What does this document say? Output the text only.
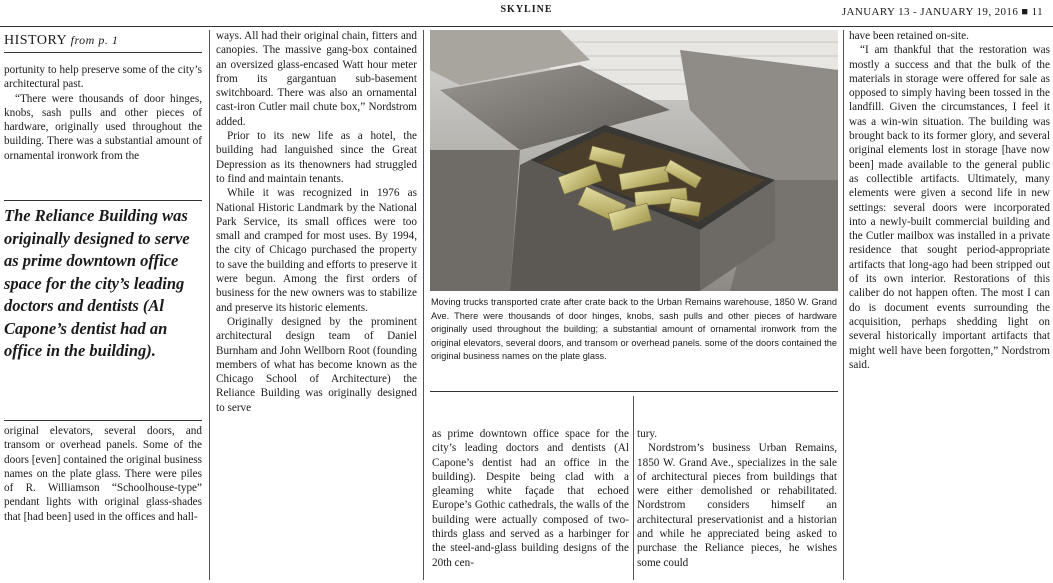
SKYLINE	JANUARY 13 - JANUARY 19, 2016 ■ 11
HISTORY from p. 1

portunity to help preserve some of the city’s architectural past.

“There were thousands of door hinges, knobs, sash pulls and other pieces of hardware, originally used throughout the building. There was a substantial amount of ornamental ironwork from the

The Reliance Building was originally designed to serve as prime downtown office space for the city’s leading doctors and dentists (Al Capone’s dentist had an office in the building).

original elevators, several doors, and transom or overhead panels. Some of the doors [even] contained the original business names on the plate glass. There were piles of R. Williamson “Schoolhouse-type” pendant lights with original glass-shades that [had been] used in the offices and hall-

ways. All had their original chain, fitters and canopies. The massive gang-box contained an oversized glass-encased Watt hour meter from its gargantuan sub-basement switchboard. There was also an ornamental cast-iron Cutler mail chute box,” Nordstrom added.

Prior to its new life as a hotel, the building had languished since the Great Depression as its thenowners had struggled to find and maintain tenants.

While it was recognized in 1976 as National Historic Landmark by the National Park Service, its small offices were too small and cramped for most uses. By 1994, the city of Chicago purchased the property to save the building and efforts to preserve it were begun. Among the first orders of business for the new owners was to stabilize and preserve its historic elements.

Originally designed by the prominent architectural design team of Daniel Burnham and John Wellborn Root (founding members of what has become known as the Chicago School of Architecture) the Reliance Building was originally designed to serve

Moving trucks transported crate after crate back to the Urban Remains warehouse, 1850 W. Grand Ave. There were thousands of door hinges, knobs, sash pulls and other pieces of hardware originally used throughout the building; a substantial amount of ornamental ironwork from the original elevators, several doors, and transom or overhead panels. some of the doors contained the original business names on the plate glass.

as prime downtown office space for the city’s leading doctors and dentists (Al Capone’s dentist had an office in the building). Despite being clad with a gleaming white façade that echoed Europe’s Gothic cathedrals, the walls of the building were actually composed of two-thirds glass and served as a harbinger for the steel-and-glass building designs of the 20th cen-

tury.

Nordstrom’s business Urban Remains, 1850 W. Grand Ave., specializes in the sale of architectural pieces from buildings that were either demolished or rehabilitated. Nordstrom considers himself an architectural preservationist and a historian and while he appreciated being asked to purchase the Reliance pieces, he wishes some could

have been retained on-site.

“I am thankful that the restoration was mostly a success and that the bulk of the materials in storage were offered for sale as opposed to simply having been tossed in the landfill. Given the circumstances, I feel it was a win-win situation. The building was brought back to its former glory, and several original elements lost in storage [have now been] made available to the general public as collectible artifacts. Ultimately, many elements were given a second life in new settings: several doors were incorporated into a newly-built commercial building and the Cutler mailbox was installed in a private residence that sought period-appropriate artifacts that long-ago had been stripped out of its own interior. Restorations of this caliber do not happen often. The most I can do is document events surrounding the acquisition, perhaps shedding light on several historically important artifacts that might well have been forgotten,” Nordstrom said.
